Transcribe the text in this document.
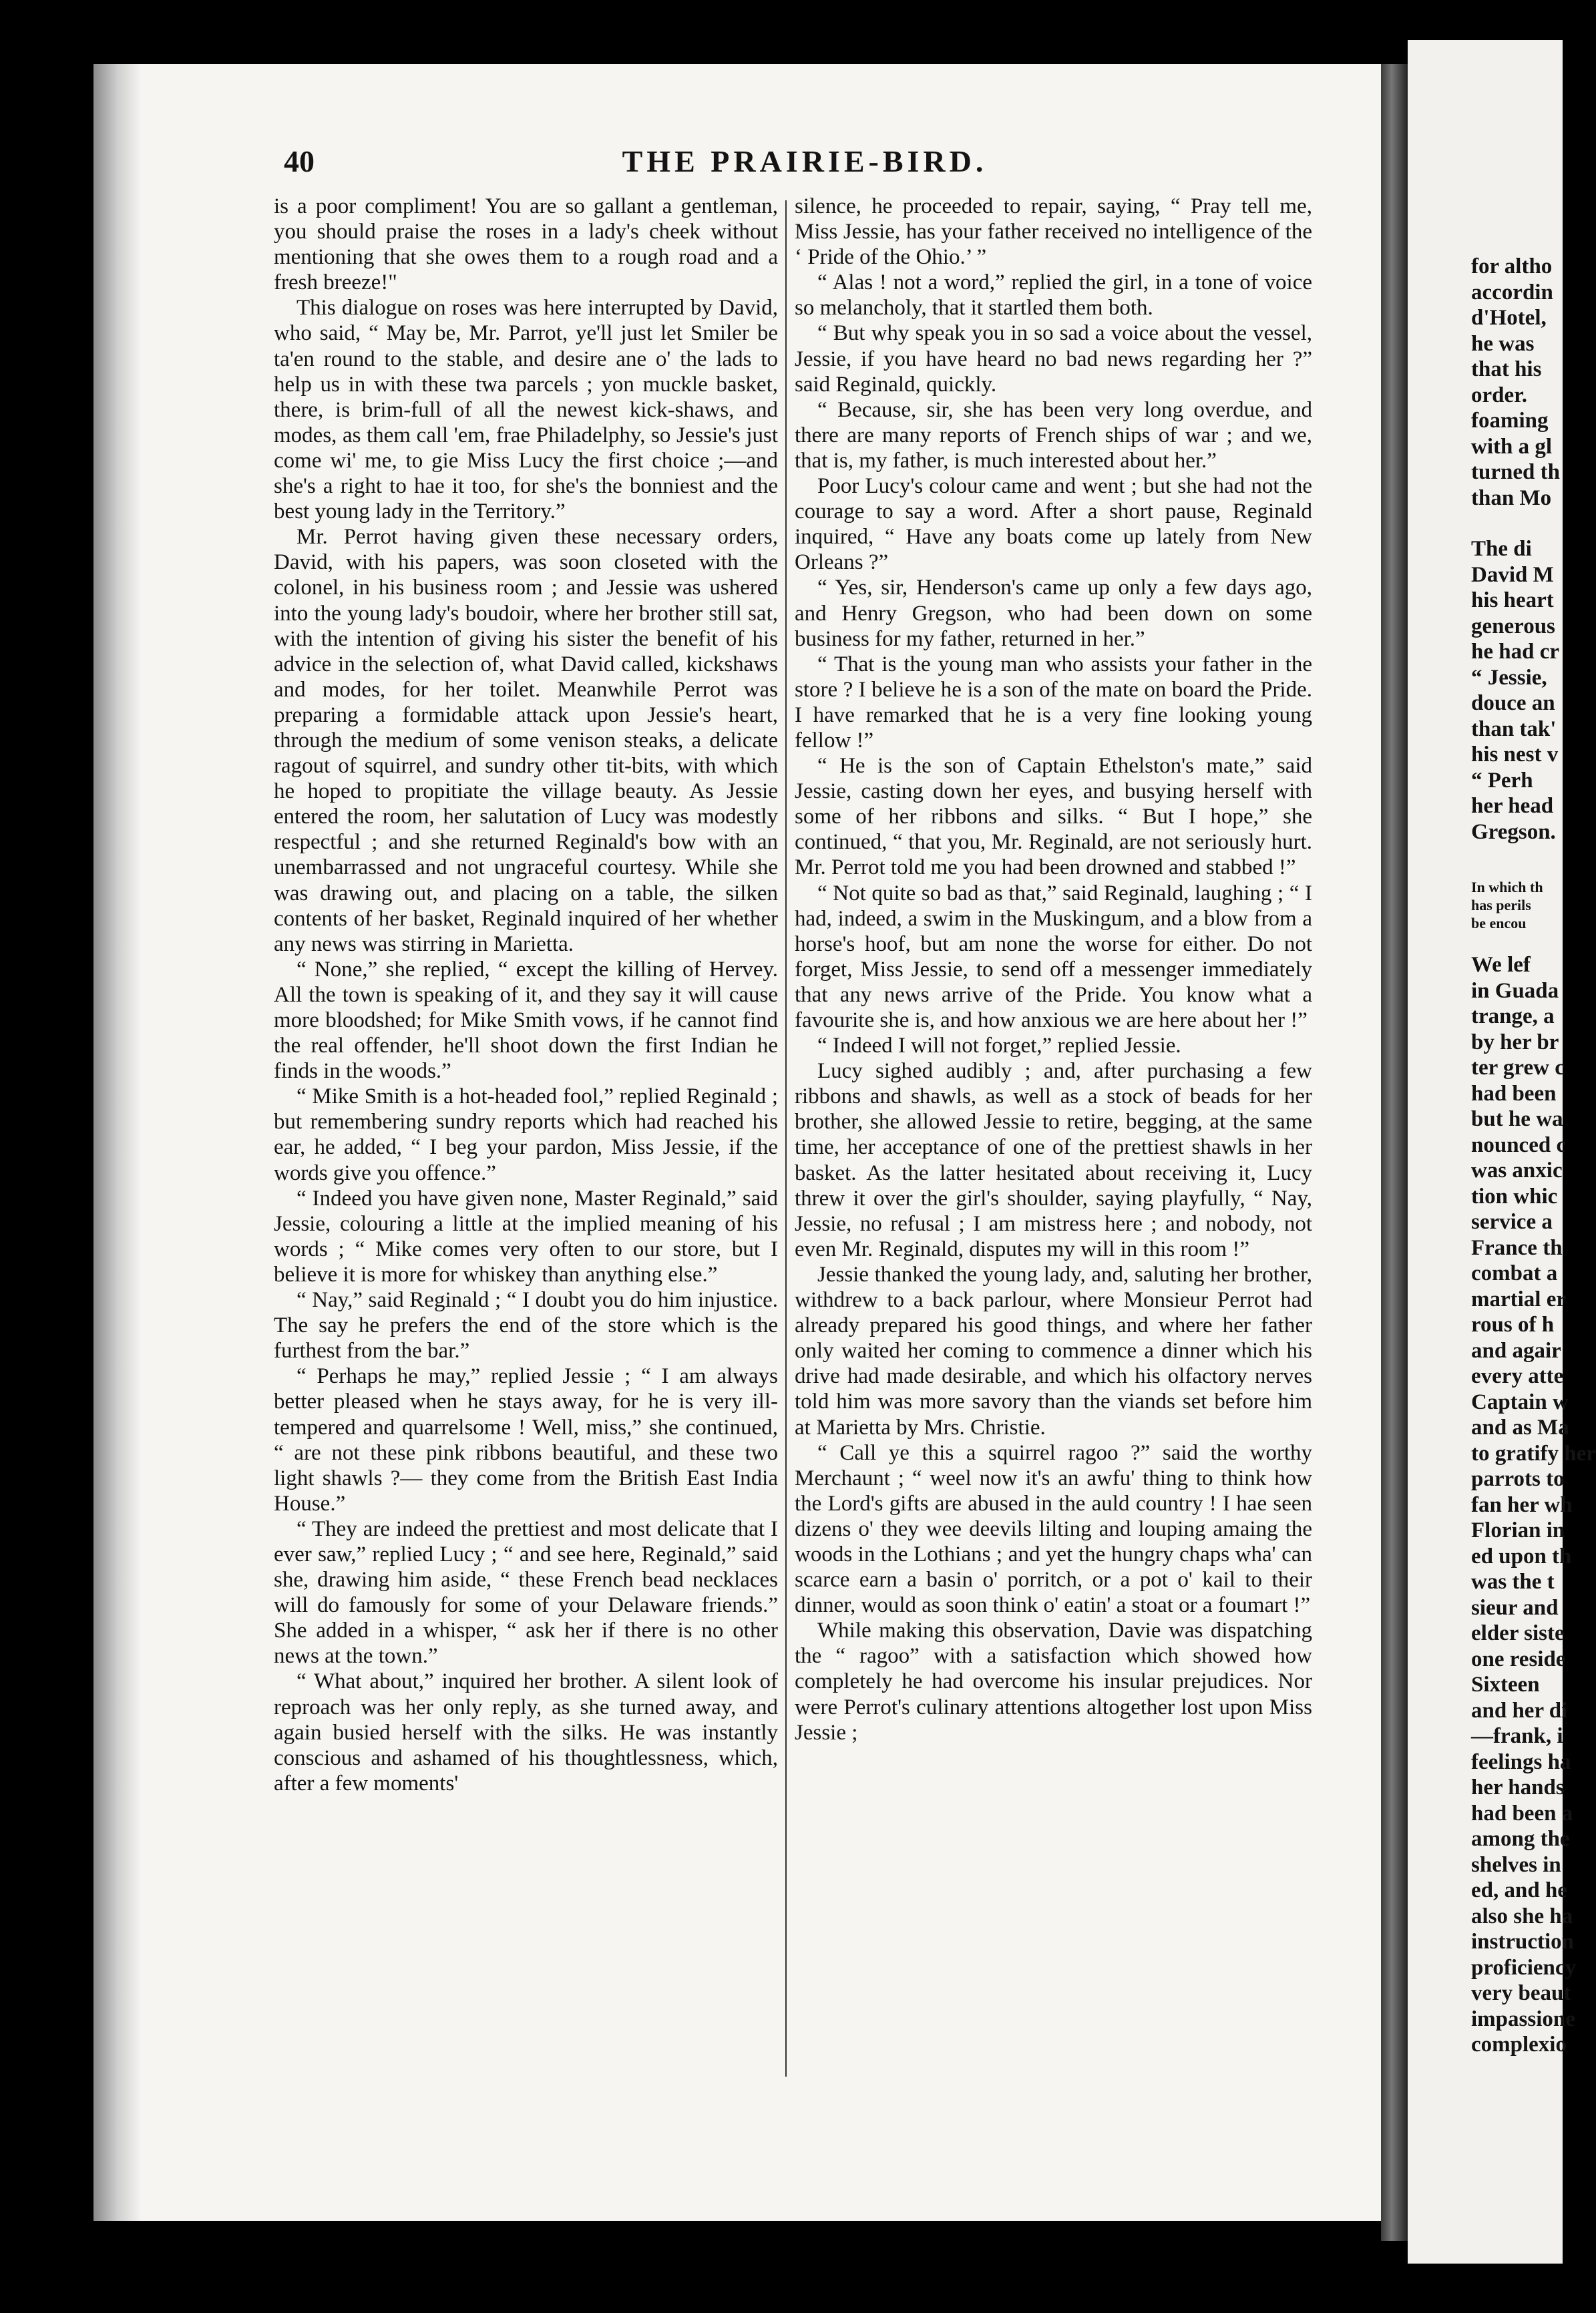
40	THE PRAIRIE-BIRD.

is a poor compliment! You are so gallant a gentleman, you should praise the roses in a lady's cheek without mentioning that she owes them to a rough road and a fresh breeze!"

This dialogue on roses was here interrupted by David, who said, “ May be, Mr. Parrot, ye'll just let Smiler be ta'en round to the stable, and desire ane o' the lads to help us in with these twa parcels ; yon muckle basket, there, is brim-full of all the newest kick-shaws, and modes, as them call 'em, frae Philadelphy, so Jessie's just come wi' me, to gie Miss Lucy the first choice ;—and she's a right to hae it too, for she's the bonniest and the best young lady in the Territory.”

Mr. Perrot having given these necessary orders, David, with his papers, was soon closeted with the colonel, in his business room ; and Jessie was ushered into the young lady's boudoir, where her brother still sat, with the intention of giving his sister the benefit of his advice in the selection of, what David called, kickshaws and modes, for her toilet. Meanwhile Perrot was preparing a formidable attack upon Jessie's heart, through the medium of some venison steaks, a delicate ragout of squirrel, and sundry other tit-bits, with which he hoped to propitiate the village beauty. As Jessie entered the room, her salutation of Lucy was modestly respectful ; and she returned Reginald's bow with an unembarrassed and not ungraceful courtesy. While she was drawing out, and placing on a table, the silken contents of her basket, Reginald inquired of her whether any news was stirring in Marietta.

“ None,” she replied, “ except the killing of Hervey. All the town is speaking of it, and they say it will cause more bloodshed; for Mike Smith vows, if he cannot find the real offender, he'll shoot down the first Indian he finds in the woods.”

“ Mike Smith is a hot-headed fool,” replied Reginald ; but remembering sundry reports which had reached his ear, he added, “ I beg your pardon, Miss Jessie, if the words give you offence.”

“ Indeed you have given none, Master Reginald,” said Jessie, colouring a little at the implied meaning of his words ; “ Mike comes very often to our store, but I believe it is more for whiskey than anything else.”

“ Nay,” said Reginald ; “ I doubt you do him injustice. The say he prefers the end of the store which is the furthest from the bar.”

“ Perhaps he may,” replied Jessie ; “ I am always better pleased when he stays away, for he is very ill-tempered and quarrelsome ! Well, miss,” she continued, “ are not these pink ribbons beautiful, and these two light shawls ?— they come from the British East India House.”

“ They are indeed the prettiest and most delicate that I ever saw,” replied Lucy ; “ and see here, Reginald,” said she, drawing him aside, “ these French bead necklaces will do famously for some of your Delaware friends.” She added in a whisper, “ ask her if there is no other news at the town.”

“ What about,” inquired her brother. A silent look of reproach was her only reply, as she turned away, and again busied herself with the silks. He was instantly conscious and ashamed of his thoughtlessness, which, after a few moments'

silence, he proceeded to repair, saying, “ Pray tell me, Miss Jessie, has your father received no intelligence of the ‘ Pride of the Ohio.’ ”

“ Alas ! not a word,” replied the girl, in a tone of voice so melancholy, that it startled them both.

“ But why speak you in so sad a voice about the vessel, Jessie, if you have heard no bad news regarding her ?” said Reginald, quickly.

“ Because, sir, she has been very long overdue, and there are many reports of French ships of war ; and we, that is, my father, is much interested about her.”

Poor Lucy's colour came and went ; but she had not the courage to say a word. After a short pause, Reginald inquired, “ Have any boats come up lately from New Orleans ?”

“ Yes, sir, Henderson's came up only a few days ago, and Henry Gregson, who had been down on some business for my father, returned in her.”

“ That is the young man who assists your father in the store ? I believe he is a son of the mate on board the Pride. I have remarked that he is a very fine looking young fellow !”

“ He is the son of Captain Ethelston's mate,” said Jessie, casting down her eyes, and busying herself with some of her ribbons and silks. “ But I hope,” she continued, “ that you, Mr. Reginald, are not seriously hurt. Mr. Perrot told me you had been drowned and stabbed !”

“ Not quite so bad as that,” said Reginald, laughing ; “ I had, indeed, a swim in the Muskingum, and a blow from a horse's hoof, but am none the worse for either. Do not forget, Miss Jessie, to send off a messenger immediately that any news arrive of the Pride. You know what a favourite she is, and how anxious we are here about her !”

“ Indeed I will not forget,” replied Jessie.

Lucy sighed audibly ; and, after purchasing a few ribbons and shawls, as well as a stock of beads for her brother, she allowed Jessie to retire, begging, at the same time, her acceptance of one of the prettiest shawls in her basket. As the latter hesitated about receiving it, Lucy threw it over the girl's shoulder, saying playfully, “ Nay, Jessie, no refusal ; I am mistress here ; and nobody, not even Mr. Reginald, disputes my will in this room !”

Jessie thanked the young lady, and, saluting her brother, withdrew to a back parlour, where Monsieur Perrot had already prepared his good things, and where her father only waited her coming to commence a dinner which his drive had made desirable, and which his olfactory nerves told him was more savory than the viands set before him at Marietta by Mrs. Christie.

“ Call ye this a squirrel ragoo ?” said the worthy Merchaunt ; “ weel now it's an awfu' thing to think how the Lord's gifts are abused in the auld country ! I hae seen dizens o' they wee deevils lilting and louping amaing the woods in the Lothians ; and yet the hungry chaps wha' can scarce earn a basin o' porritch, or a pot o' kail to their dinner, would as soon think o' eatin' a stoat or a foumart !”

While making this observation, Davie was dispatching the “ ragoo” with a satisfaction which showed how completely he had overcome his insular prejudices. Nor were Perrot's culinary attentions altogether lost upon Miss Jessie ;

for altho
accordin
d'Hotel,
he was
that his
order.
foaming
with a gl
turned th
than Mo
The di
David M
his heart
generous
he had cr
“ Jessie,
douce an
than tak'
his nest v
“ Perh
her head
Gregson.
In which th
has perils
be encou
We lef
in Guada
trange, a
by her br
ter grew c
had been
but he wa
nounced c
was anxic
tion whic
service a
France th
combat a
martial er
rous of h
and agair
every atte
Captain w
and as Ma
to gratify her
parrots to
fan her wh
Florian in
ed upon th
was the t
sieur and
elder siste
one reside
Sixteen
and her di
—frank, i
feelings ha
her hands
had been a
among the
shelves in
ed, and he
also she ha
instruction
proficiency
very beaut
impassione
complexio
